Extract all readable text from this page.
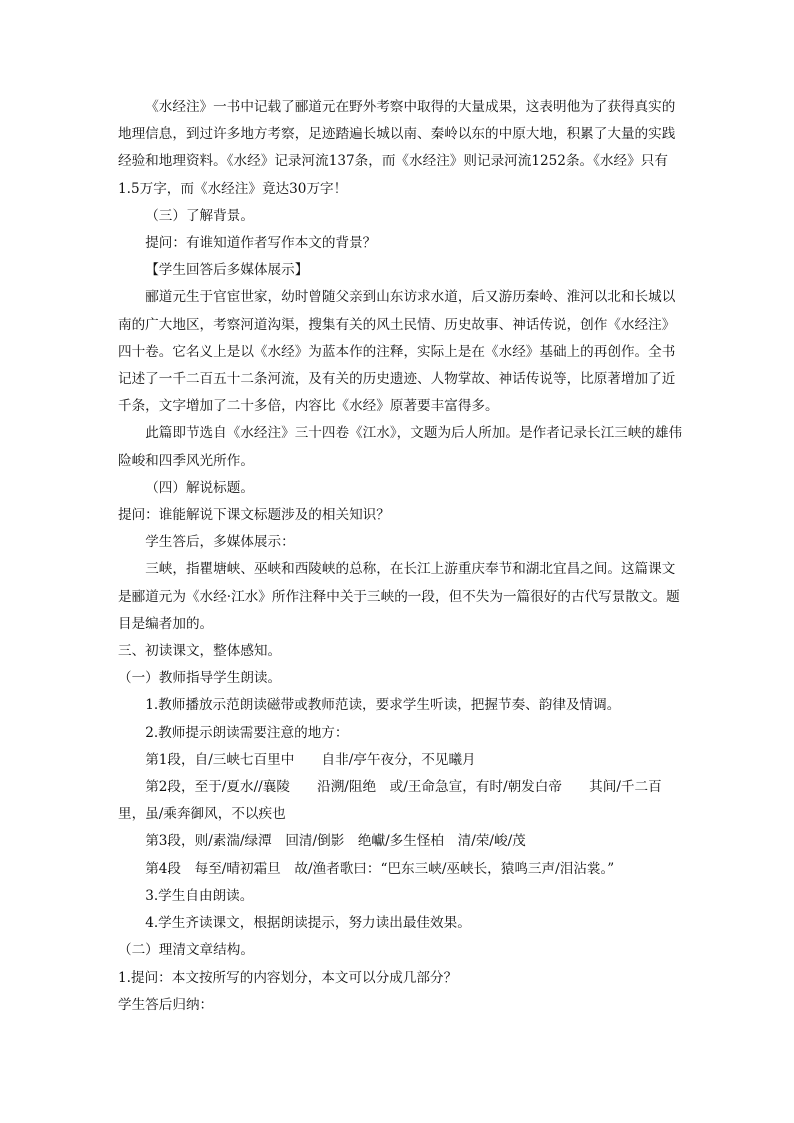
《水经注》一书中记载了郦道元在野外考察中取得的大量成果，这表明他为了获得真实的地理信息，到过许多地方考察，足迹踏遍长城以南、秦岭以东的中原大地，积累了大量的实践经验和地理资料。《水经》记录河流137条，而《水经注》则记录河流1252条。《水经》只有1.5万字，而《水经注》竟达30万字！

（三）了解背景。

提问：有谁知道作者写作本文的背景？

【学生回答后多媒体展示】

郦道元生于官宦世家，幼时曾随父亲到山东访求水道，后又游历秦岭、淮河以北和长城以南的广大地区，考察河道沟渠，搜集有关的风土民情、历史故事、神话传说，创作《水经注》四十卷。它名义上是以《水经》为蓝本作的注释，实际上是在《水经》基础上的再创作。全书记述了一千二百五十二条河流，及有关的历史遗迹、人物掌故、神话传说等，比原著增加了近千条，文字增加了二十多倍，内容比《水经》原著要丰富得多。

此篇即节选自《水经注》三十四卷《江水》，文题为后人所加。是作者记录长江三峡的雄伟险峻和四季风光所作。

（四）解说标题。

提问：谁能解说下课文标题涉及的相关知识？

学生答后，多媒体展示：

三峡，指瞿塘峡、巫峡和西陵峡的总称，在长江上游重庆奉节和湖北宜昌之间。这篇课文是郦道元为《水经·江水》所作注释中关于三峡的一段，但不失为一篇很好的古代写景散文。题目是编者加的。

三、初读课文，整体感知。

（一）教师指导学生朗读。

1.教师播放示范朗读磁带或教师范读，要求学生听读，把握节奏、韵律及情调。

2.教师提示朗读需要注意的地方：

第1段，自/三峡七百里中　　自非/亭午夜分，不见曦月

第2段，至于/夏水//襄陵　　沿溯/阻绝　或/王命急宣，有时/朝发白帝　　其间/千二百里，虽/乘奔御风，不以疾也

第3段，则/素湍/绿潭　回清/倒影　绝巘/多生怪柏　清/荣/峻/茂

第4段　每至/晴初霜旦　故/渔者歌曰：“巴东三峡/巫峡长，猿鸣三声/泪沾裳。”

3.学生自由朗读。

4.学生齐读课文，根据朗读提示，努力读出最佳效果。

（二）理清文章结构。

1.提问：本文按所写的内容划分，本文可以分成几部分？

学生答后归纳：
